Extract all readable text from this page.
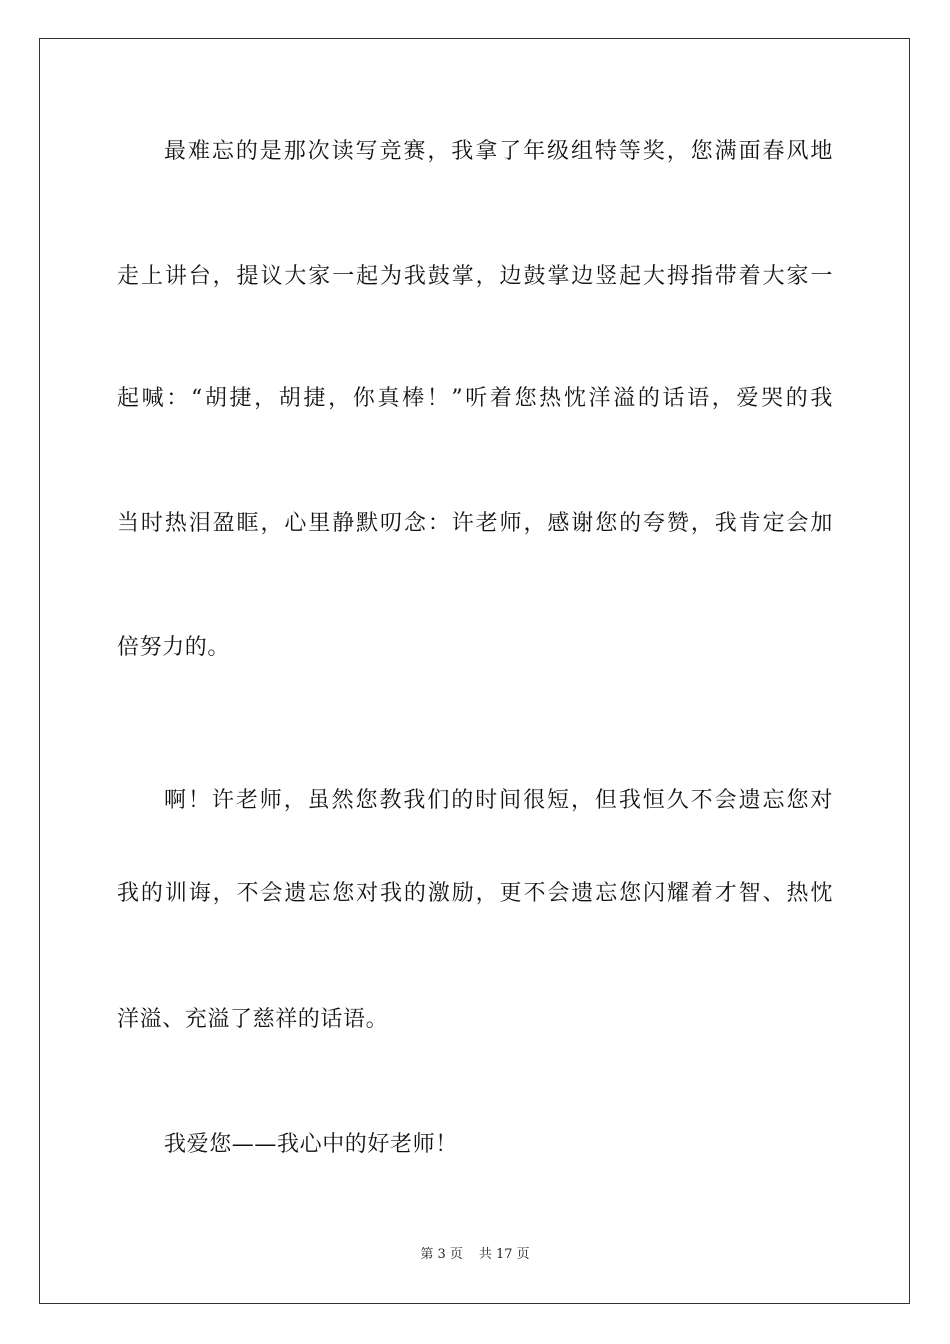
最难忘的是那次读写竞赛，我拿了年级组特等奖，您满面春风地
走上讲台，提议大家一起为我鼓掌，边鼓掌边竖起大拇指带着大家一
起喊：“胡捷，胡捷，你真棒！”听着您热忱洋溢的话语，爱哭的我
当时热泪盈眶，心里静默叨念：许老师，感谢您的夸赞，我肯定会加
倍努力的。
啊！许老师，虽然您教我们的时间很短，但我恒久不会遗忘您对
我的训诲，不会遗忘您对我的激励，更不会遗忘您闪耀着才智、热忱
洋溢、充溢了慈祥的话语。
我爱您——我心中的好老师！
第 3 页 共 17 页
